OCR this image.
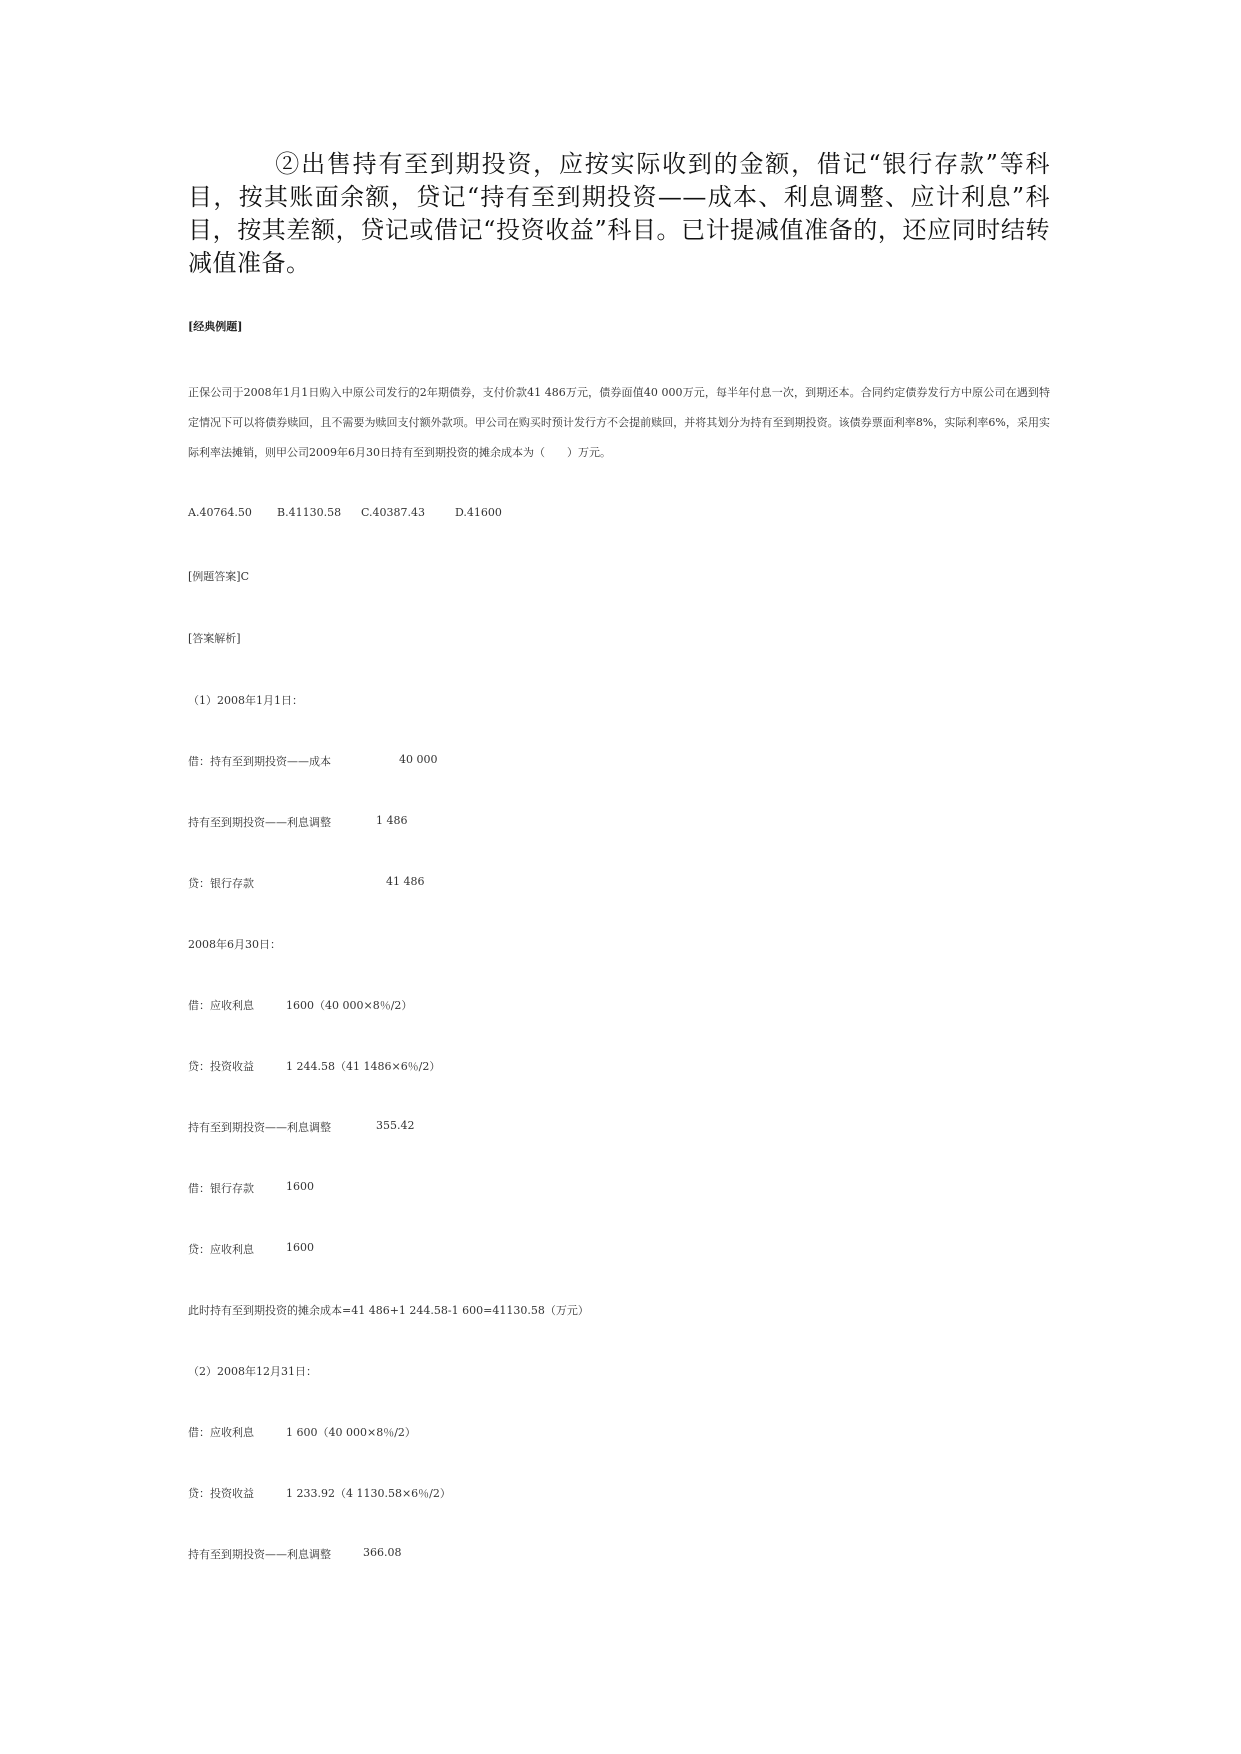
②出售持有至到期投资，应按实际收到的金额，借记“银行存款”等科目，按其账面余额，贷记“持有至到期投资——成本、利息调整、应计利息”科目，按其差额，贷记或借记“投资收益”科目。已计提减值准备的，还应同时结转减值准备。
[经典例题]
正保公司于2008年1月1日购入中原公司发行的2年期债券，支付价款41 486万元，债券面值40 000万元，每半年付息一次，到期还本。合同约定债券发行方中原公司在遇到特定情况下可以将债券赎回，且不需要为赎回支付额外款项。甲公司在购买时预计发行方不会提前赎回，并将其划分为持有至到期投资。该债券票面利率8%，实际利率6%，采用实际利率法摊销，则甲公司2009年6月30日持有至到期投资的摊余成本为（　　）万元。
A.40764.50 B.41130.58 C.40387.43	D.41600
[例题答案]C
[答案解析]
（1）2008年1月1日：
借：持有至到期投资——成本	40 000
持有至到期投资——利息调整	1 486
贷：银行存款	41 486
2008年6月30日：
借：应收利息	1600（40 000×8％/2）
贷：投资收益	1 244.58（41 1486×6％/2）
持有至到期投资——利息调整	355.42
借：银行存款	1600
贷：应收利息	1600
此时持有至到期投资的摊余成本=41 486+1 244.58-1 600=41130.58（万元）
（2）2008年12月31日：
借：应收利息	1 600（40 000×8％/2）
贷：投资收益	1 233.92（4 1130.58×6％/2）
持有至到期投资——利息调整	366.08
